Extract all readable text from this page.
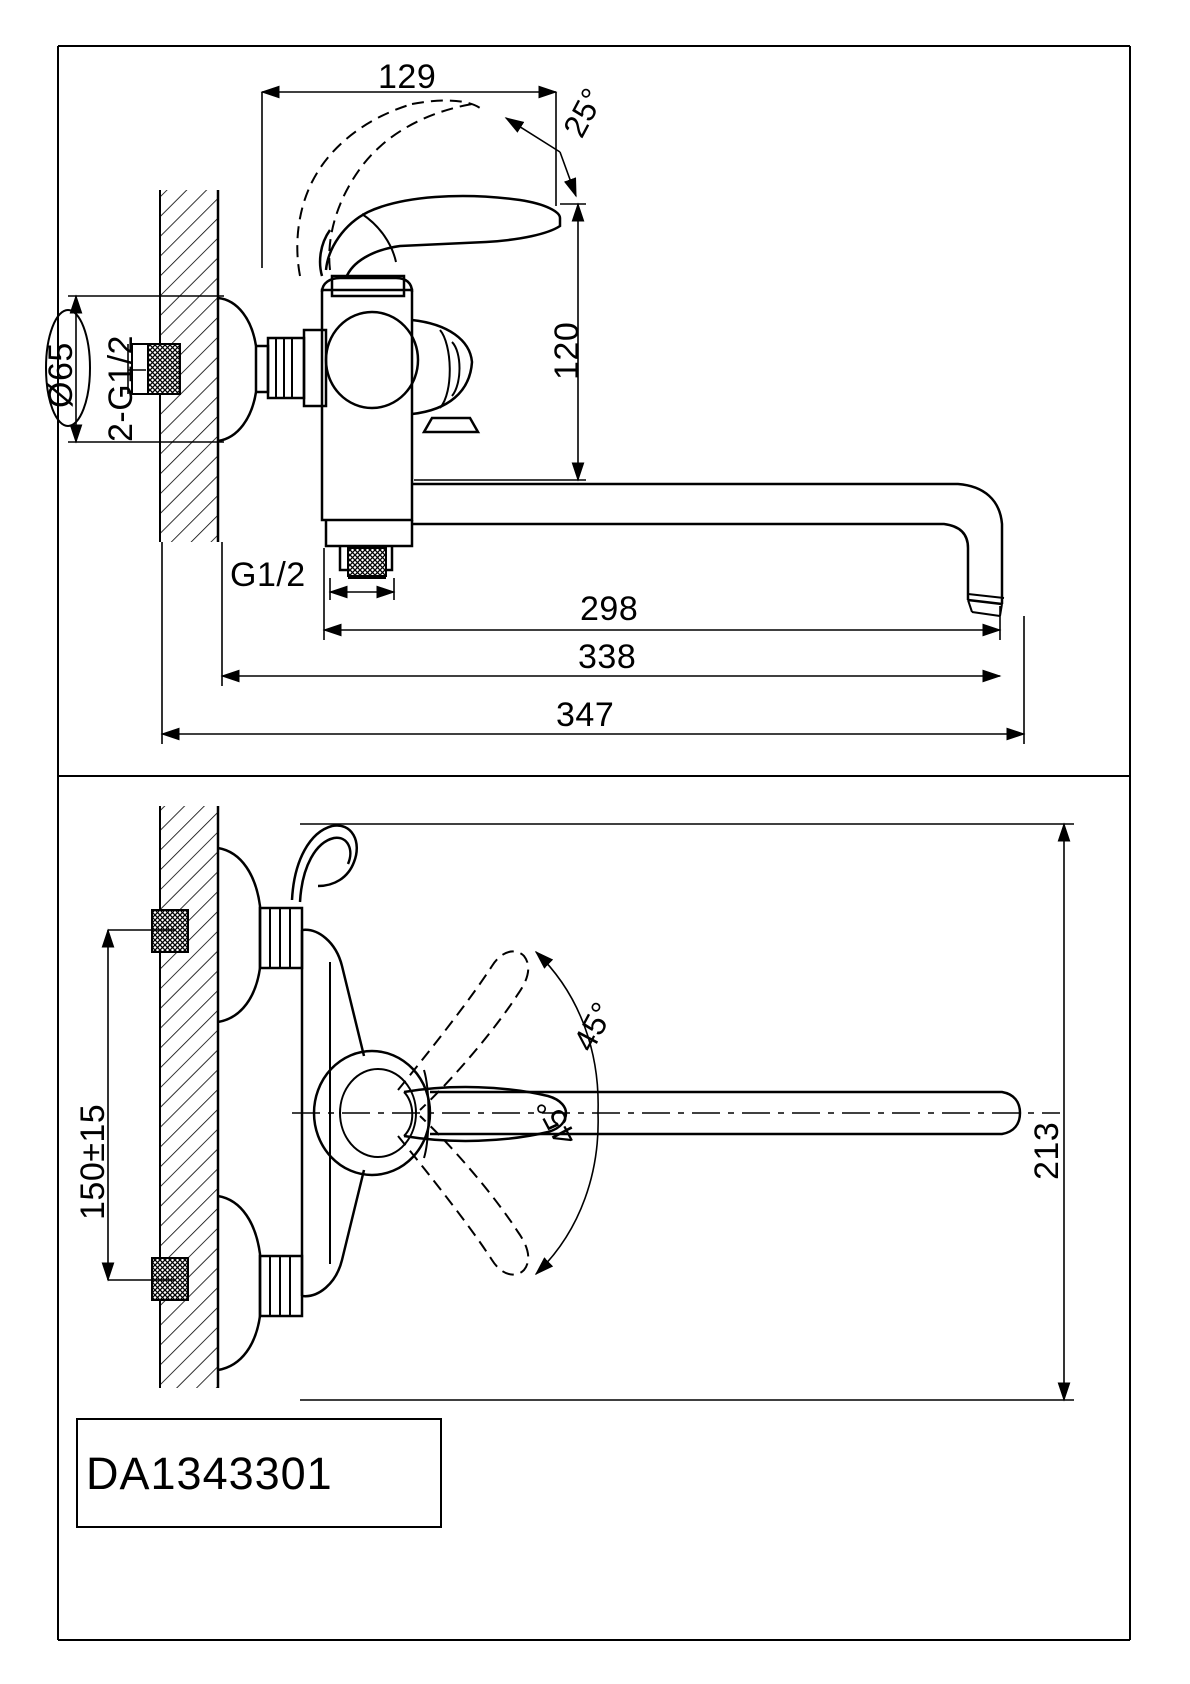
129
25°
120
Ø65 2-G1/2
G1/2
298
338
347
150±15
45°
45°	213
DA1343301
